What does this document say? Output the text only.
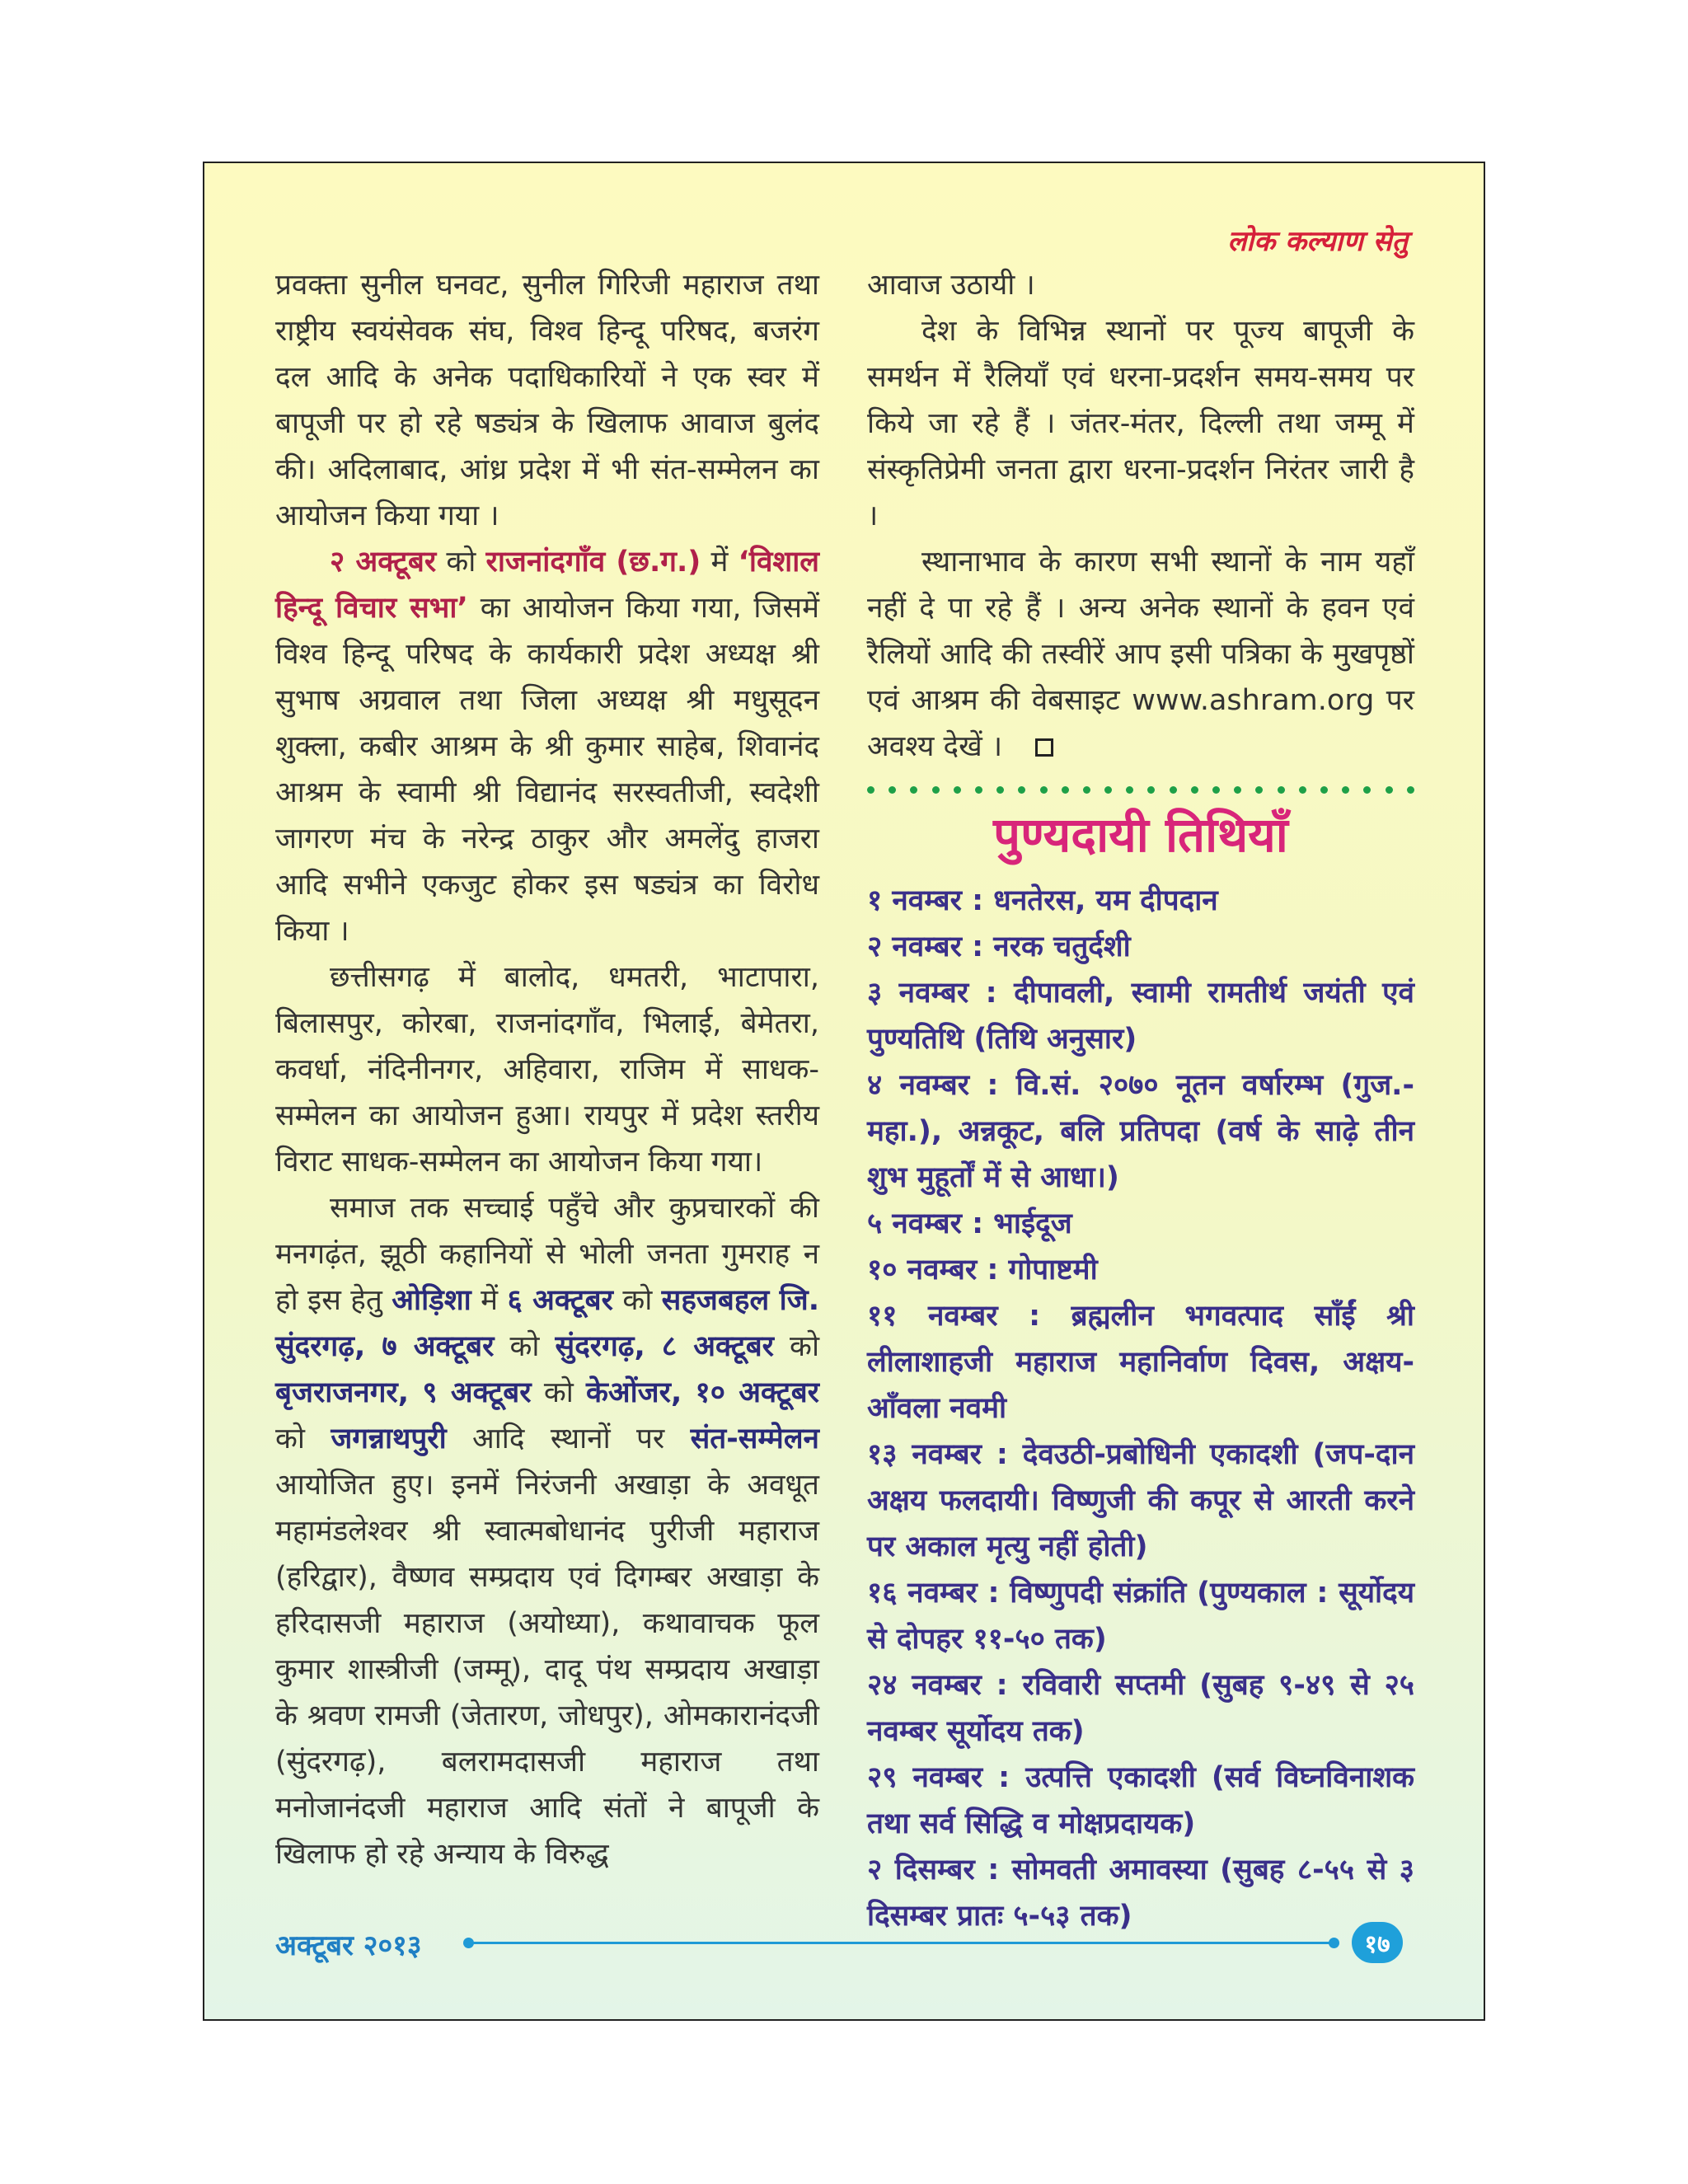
लोक कल्याण सेतु

प्रवक्ता सुनील घनवट, सुनील गिरिजी महाराज तथा राष्ट्रीय स्वयंसेवक संघ, विश्व हिन्दू परिषद, बजरंग दल आदि के अनेक पदाधिकारियों ने एक स्वर में बापूजी पर हो रहे षड्यंत्र के खिलाफ आवाज बुलंद की। अदिलाबाद, आंध्र प्रदेश में भी संत-सम्मेलन का आयोजन किया गया ।

२ अक्टूबर को राजनांदगाँव (छ.ग.) में ‘विशाल हिन्दू विचार सभा’ का आयोजन किया गया, जिसमें विश्व हिन्दू परिषद के कार्यकारी प्रदेश अध्यक्ष श्री सुभाष अग्रवाल तथा जिला अध्यक्ष श्री मधुसूदन शुक्ला, कबीर आश्रम के श्री कुमार साहेब, शिवानंद आश्रम के स्वामी श्री विद्यानंद सरस्वतीजी, स्वदेशी जागरण मंच के नरेन्द्र ठाकुर और अमलेंदु हाजरा आदि सभीने एकजुट होकर इस षड्यंत्र का विरोध किया ।

छत्तीसगढ़ में बालोद, धमतरी, भाटापारा, बिलासपुर, कोरबा, राजनांदगाँव, भिलाई, बेमेतरा, कवर्धा, नंदिनीनगर, अहिवारा, राजिम में साधक-सम्मेलन का आयोजन हुआ। रायपुर में प्रदेश स्तरीय विराट साधक-सम्मेलन का आयोजन किया गया।

समाज तक सच्चाई पहुँचे और कुप्रचारकों की मनगढ़ंत, झूठी कहानियों से भोली जनता गुमराह न हो इस हेतु ओड़िशा में ६ अक्टूबर को सहजबहल जि. सुंदरगढ़, ७ अक्टूबर को सुंदरगढ़, ८ अक्टूबर को बृजराजनगर, ९ अक्टूबर को केओंजर, १० अक्टूबर को जगन्नाथपुरी आदि स्थानों पर संत-सम्मेलन आयोजित हुए। इनमें निरंजनी अखाड़ा के अवधूत महामंडलेश्वर श्री स्वात्मबोधानंद पुरीजी महाराज (हरिद्वार), वैष्णव सम्प्रदाय एवं दिगम्बर अखाड़ा के हरिदासजी महाराज (अयोध्या), कथावाचक फूल कुमार शास्त्रीजी (जम्मू), दादू पंथ सम्प्रदाय अखाड़ा के श्रवण रामजी (जेतारण, जोधपुर), ओमकारानंदजी (सुंदरगढ़), बलरामदासजी महाराज तथा मनोजानंदजी महाराज आदि संतों ने बापूजी के खिलाफ हो रहे अन्याय के विरुद्ध

आवाज उठायी ।

देश के विभिन्न स्थानों पर पूज्य बापूजी के समर्थन में रैलियाँ एवं धरना-प्रदर्शन समय-समय पर किये जा रहे हैं । जंतर-मंतर, दिल्ली तथा जम्मू में संस्कृतिप्रेमी जनता द्वारा धरना-प्रदर्शन निरंतर जारी है ।

स्थानाभाव के कारण सभी स्थानों के नाम यहाँ नहीं दे पा रहे हैं । अन्य अनेक स्थानों के हवन एवं रैलियों आदि की तस्वीरें आप इसी पत्रिका के मुखपृष्ठों एवं आश्रम की वेबसाइट www.ashram.org पर अवश्य देखें ।

पुण्यदायी तिथियाँ

१ नवम्बर : धनतेरस, यम दीपदान

२ नवम्बर : नरक चतुर्दशी

३ नवम्बर : दीपावली, स्वामी रामतीर्थ जयंती एवं पुण्यतिथि (तिथि अनुसार)

४ नवम्बर : वि.सं. २०७० नूतन वर्षारम्भ (गुज.-महा.), अन्नकूट, बलि प्रतिपदा (वर्ष के साढ़े तीन शुभ मुहूर्तों में से आधा।)

५ नवम्बर : भाईदूज

१० नवम्बर : गोपाष्टमी

११ नवम्बर : ब्रह्मलीन भगवत्पाद साँईं श्री लीलाशाहजी महाराज महानिर्वाण दिवस, अक्षय-आँवला नवमी

१३ नवम्बर : देवउठी-प्रबोधिनी एकादशी (जप-दान अक्षय फलदायी। विष्णुजी की कपूर से आरती करने पर अकाल मृत्यु नहीं होती)

१६ नवम्बर : विष्णुपदी संक्रांति (पुण्यकाल : सूर्योदय से दोपहर ११-५० तक)

२४ नवम्बर : रविवारी सप्तमी (सुबह ९-४९ से २५ नवम्बर सूर्योदय तक)

२९ नवम्बर : उत्पत्ति एकादशी (सर्व विघ्नविनाशक तथा सर्व सिद्धि व मोक्षप्रदायक)

२ दिसम्बर : सोमवती अमावस्या (सुबह ८-५५ से ३ दिसम्बर प्रातः ५-५३ तक)

अक्टूबर २०१३	१७
